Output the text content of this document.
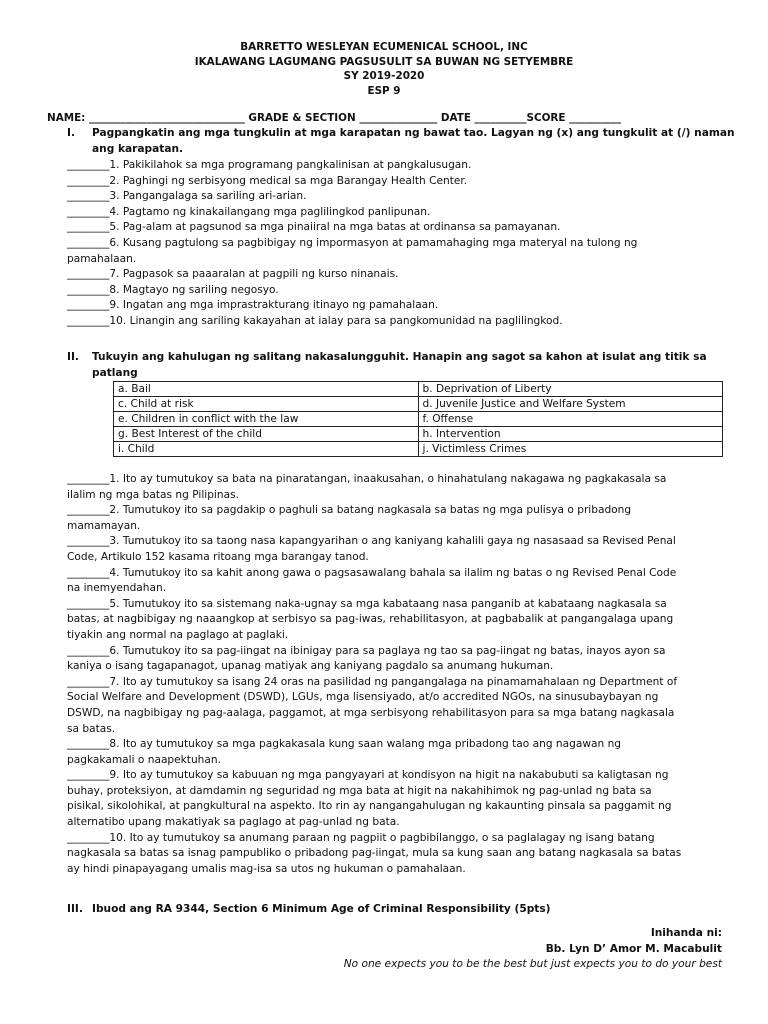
BARRETTO WESLEYAN ECUMENICAL SCHOOL, INC
IKALAWANG LAGUMANG PAGSUSULIT SA BUWAN NG SETYEMBRE
SY 2019-2020
ESP 9
NAME: ______________________________ GRADE & SECTION _______________ DATE __________SCORE __________
I. Pagpangkatin ang mga tungkulin at mga karapatan ng bawat tao. Lagyan ng (x) ang tungkulit at (/) naman
ang karapatan.
________1. Pakikilahok sa mga programang pangkalinisan at pangkalusugan.
________2. Paghingi ng serbisyong medical sa mga Barangay Health Center.
________3. Pangangalaga sa sariling ari-arian.
________4. Pagtamo ng kinakailangang mga paglilingkod panlipunan.
________5. Pag-alam at pagsunod sa mga pinaiiral na mga batas at ordinansa sa pamayanan.
________6. Kusang pagtulong sa pagbibigay ng impormasyon at pamamahaging mga materyal na tulong ng
pamahalaan.
________7. Pagpasok sa paaaralan at pagpili ng kurso ninanais.
________8. Magtayo ng sariling negosyo.
________9. Ingatan ang mga imprastrakturang itinayo ng pamahalaan.
________10. Linangin ang sariling kakayahan at ialay para sa pangkomunidad na paglilingkod.
II. Tukuyin ang kahulugan ng salitang nakasalungguhit. Hanapin ang sagot sa kahon at isulat ang titik sa
patlang
a. Bail	b. Deprivation of Liberty
c. Child at risk	d. Juvenile Justice and Welfare System
e. Children in conflict with the law	f. Offense
g. Best Interest of the child	h. Intervention
i. Child	j. Victimless Crimes
________1. Ito ay tumutukoy sa bata na pinaratangan, inaakusahan, o hinahatulang nakagawa ng pagkakasala sa
ilalim ng mga batas ng Pilipinas.
________2. Tumutukoy ito sa pagdakip o paghuli sa batang nagkasala sa batas ng mga pulisya o pribadong
mamamayan.
________3. Tumutukoy ito sa taong nasa kapangyarihan o ang kaniyang kahalili gaya ng nasasaad sa Revised Penal
Code, Artikulo 152 kasama ritoang mga barangay tanod.
________4. Tumutukoy ito sa kahit anong gawa o pagsasawalang bahala sa ilalim ng batas o ng Revised Penal Code
na inemyendahan.
________5. Tumutukoy ito sa sistemang naka-ugnay sa mga kabataang nasa panganib at kabataang nagkasala sa
batas, at nagbibigay ng naaangkop at serbisyo sa pag-iwas, rehabilitasyon, at pagbabalik at pangangalaga upang
tiyakin ang normal na paglago at paglaki.
________6. Tumutukoy ito sa pag-iingat na ibinigay para sa paglaya ng tao sa pag-iingat ng batas, inayos ayon sa
kaniya o isang tagapanagot, upanag matiyak ang kaniyang pagdalo sa anumang hukuman.
________7. Ito ay tumutukoy sa isang 24 oras na pasilidad ng pangangalaga na pinamamahalaan ng Department of
Social Welfare and Development (DSWD), LGUs, mga lisensiyado, at/o accredited NGOs, na sinusubaybayan ng
DSWD, na nagbibigay ng pag-aalaga, paggamot, at mga serbisyong rehabilitasyon para sa mga batang nagkasala
sa batas.
________8. Ito ay tumutukoy sa mga pagkakasala kung saan walang mga pribadong tao ang nagawan ng
pagkakamali o naapektuhan.
________9. Ito ay tumutukoy sa kabuuan ng mga pangyayari at kondisyon na higit na nakabubuti sa kaligtasan ng
buhay, proteksiyon, at damdamin ng seguridad ng mga bata at higit na nakahihimok ng pag-unlad ng bata sa
pisikal, sikolohikal, at pangkultural na aspekto. Ito rin ay nangangahulugan ng kakaunting pinsala sa paggamit ng
alternatibo upang makatiyak sa paglago at pag-unlad ng bata.
________10. Ito ay tumutukoy sa anumang paraan ng pagpiit o pagbibilanggo, o sa paglalagay ng isang batang
nagkasala sa batas sa isnag pampubliko o pribadong pag-iingat, mula sa kung saan ang batang nagkasala sa batas
ay hindi pinapayagang umalis mag-isa sa utos ng hukuman o pamahalaan.
III. Ibuod ang RA 9344, Section 6 Minimum Age of Criminal Responsibility (5pts)
Inihanda ni:
Bb. Lyn D’ Amor M. Macabulit
No one expects you to be the best but just expects you to do your best
